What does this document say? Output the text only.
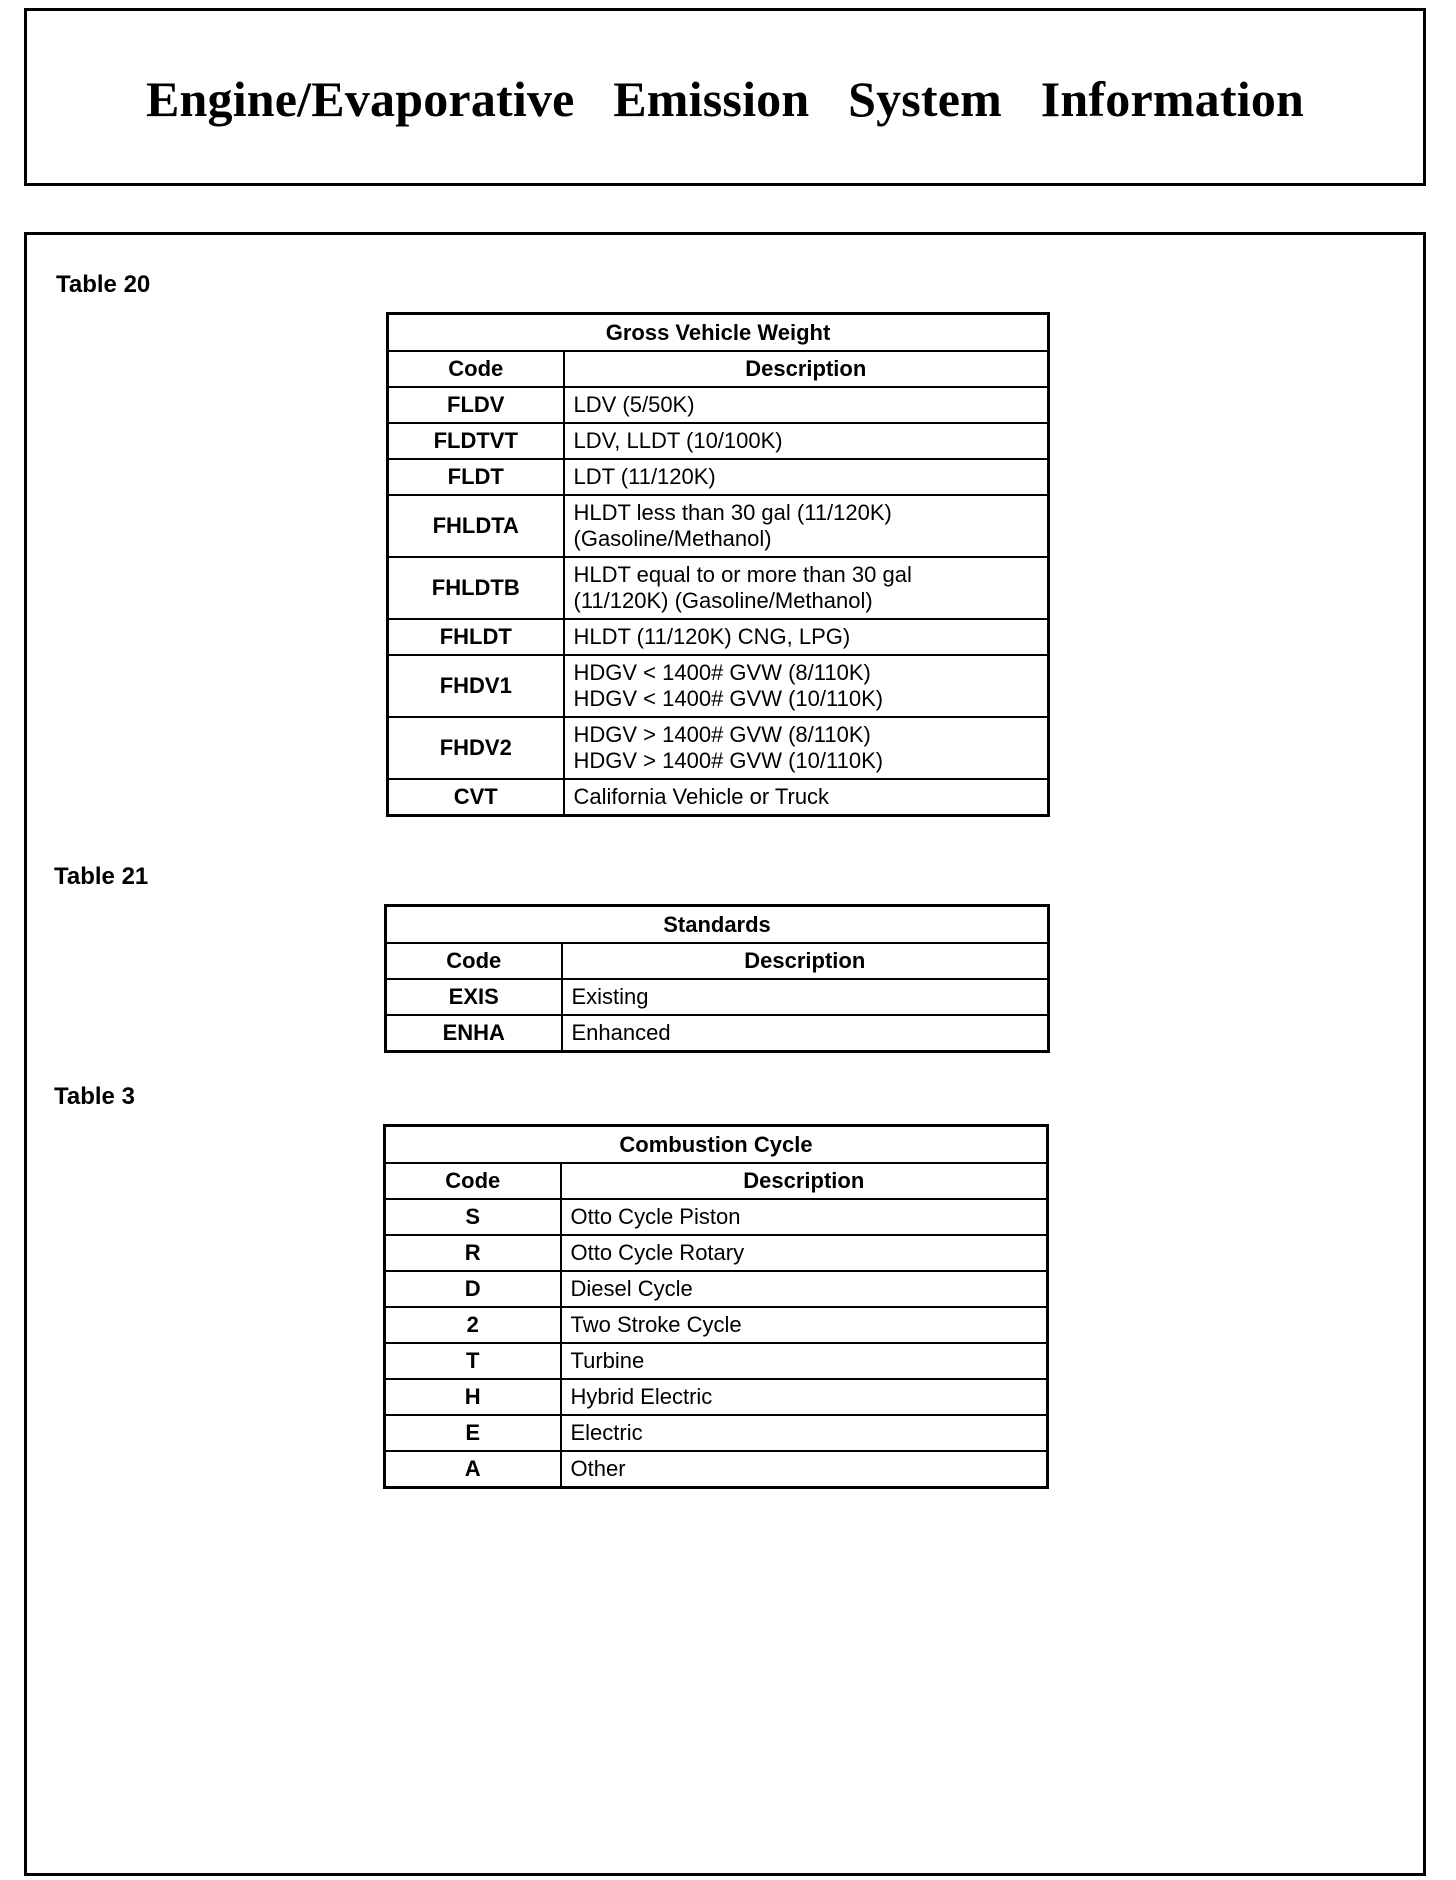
Engine/Evaporative Emission System Information
Table 20
Gross Vehicle Weight	
Code	Description
FLDV	LDV (5/50K)

FLDTVT	LDV, LLDT (10/100K)

FLDT	LDT (11/120K)

FHLDTA	HLDT less than 30 gal (11/120K)
(Gasoline/Methanol)

FHLDTB	HLDT equal to or more than 30 gal
(11/120K) (Gasoline/Methanol)

FHLDT	HLDT (11/120K) CNG, LPG)

FHDV1	HDGV < 1400# GVW (8/110K)
HDGV < 1400# GVW (10/110K)

FHDV2	HDGV > 1400# GVW (8/110K)
HDGV > 1400# GVW (10/110K)

CVT	California Vehicle or Truck
Table 21
Standards	
Code	Description
EXIS	Existing

ENHA	Enhanced
Table 3
Combustion Cycle	
Code	Description
S	Otto Cycle Piston

R	Otto Cycle Rotary

D	Diesel Cycle

2	Two Stroke Cycle

T	Turbine

H	Hybrid Electric

E	Electric

A	Other
